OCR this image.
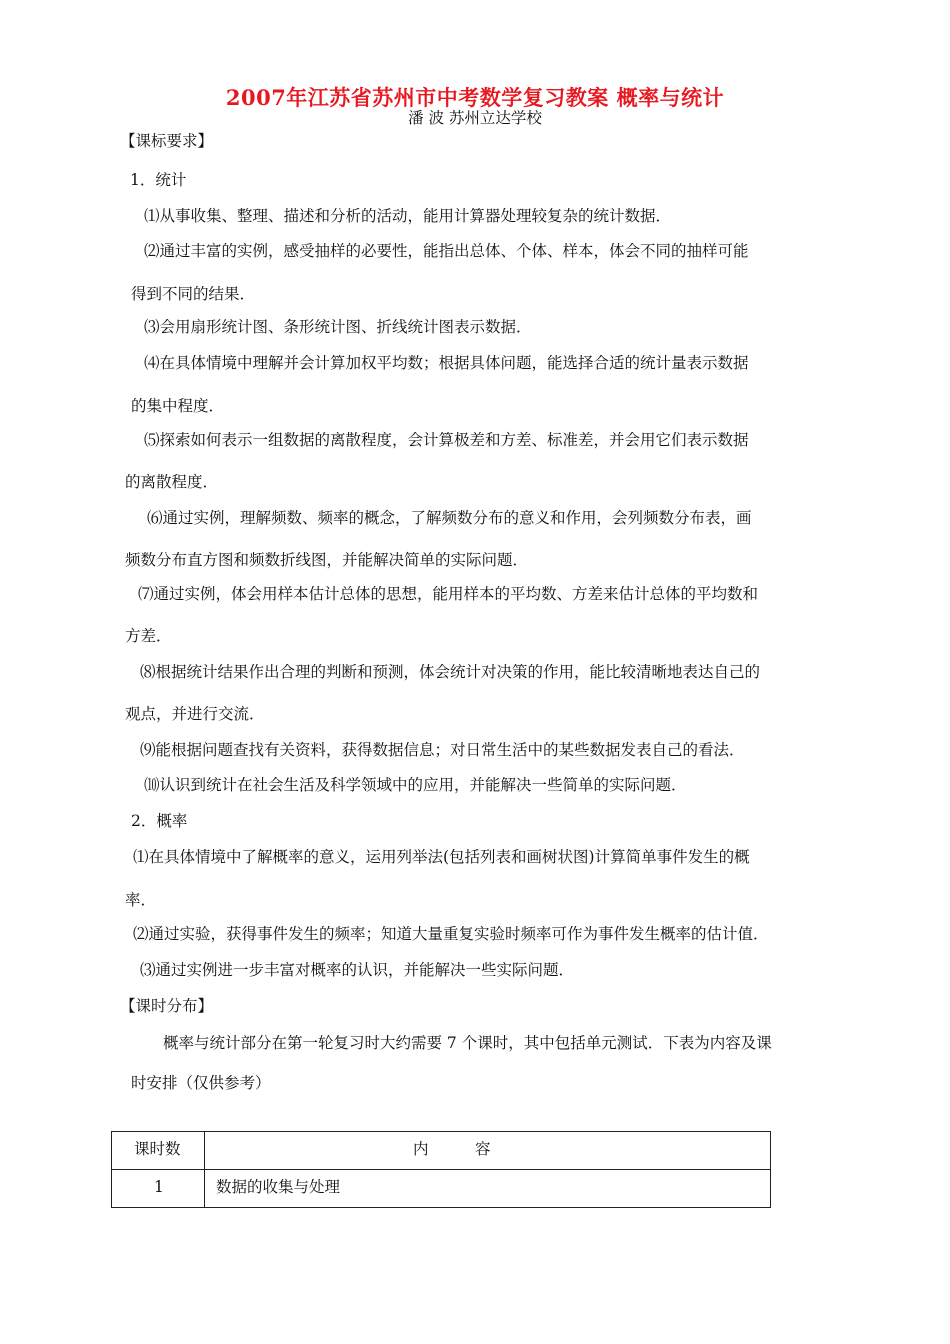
2007年江苏省苏州市中考数学复习教案 概率与统计
潘 波 苏州立达学校
【课标要求】
1．统计
⑴从事收集、整理、描述和分析的活动，能用计算器处理较复杂的统计数据．
⑵通过丰富的实例，感受抽样的必要性，能指出总体、个体、样本，体会不同的抽样可能
得到不同的结果．
⑶会用扇形统计图、条形统计图、折线统计图表示数据．
⑷在具体情境中理解并会计算加权平均数；根据具体问题，能选择合适的统计量表示数据
的集中程度．
⑸探索如何表示一组数据的离散程度，会计算极差和方差、标准差，并会用它们表示数据
的离散程度．
⑹通过实例，理解频数、频率的概念，了解频数分布的意义和作用，会列频数分布表，画
频数分布直方图和频数折线图，并能解决简单的实际问题．
⑺通过实例，体会用样本估计总体的思想，能用样本的平均数、方差来估计总体的平均数和
方差．
⑻根据统计结果作出合理的判断和预测，体会统计对决策的作用，能比较清晰地表达自己的
观点，并进行交流．
⑼能根据问题查找有关资料，获得数据信息；对日常生活中的某些数据发表自己的看法．
⑽认识到统计在社会生活及科学领域中的应用，并能解决一些简单的实际问题．
2．概率
⑴在具体情境中了解概率的意义，运用列举法(包括列表和画树状图)计算简单事件发生的概
率．
⑵通过实验，获得事件发生的频率；知道大量重复实验时频率可作为事件发生概率的估计值．
⑶通过实例进一步丰富对概率的认识，并能解决一些实际问题．
【课时分布】
概率与统计部分在第一轮复习时大约需要 7 个课时，其中包括单元测试．下表为内容及课
时安排（仅供参考）
课时数	内　　　容
1	数据的收集与处理
